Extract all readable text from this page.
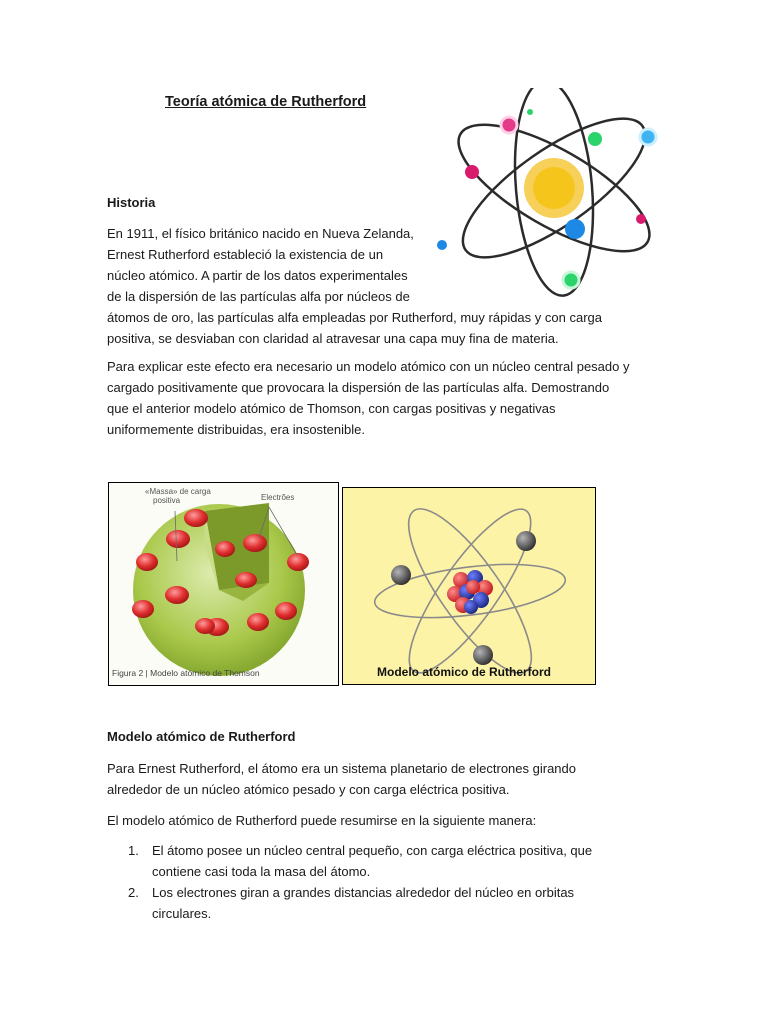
Teoría atómica de Rutherford
Historia
En 1911, el físico británico nacido en Nueva Zelanda,
Ernest Rutherford estableció la existencia de un
núcleo atómico. A partir de los datos experimentales
de la dispersión de las partículas alfa por núcleos de
átomos de oro, las partículas alfa empleadas por Rutherford, muy rápidas y con carga
positiva, se desviaban con claridad al atravesar una capa muy fina de materia.
Para explicar este efecto era necesario un modelo atómico con un núcleo central pesado y
cargado positivamente que provocara la dispersión de las partículas alfa. Demostrando
que el anterior modelo atómico de Thomson, con cargas positivas y negativas
uniformemente distribuidas, era insostenible.
«Massa» de carga
positiva	Electrões
Figura 2 | Modelo atómico de Thomson	Modelo atómico de Rutherford
Modelo atómico de Rutherford
Para Ernest Rutherford, el átomo era un sistema planetario de electrones girando
alrededor de un núcleo atómico pesado y con carga eléctrica positiva.
El modelo atómico de Rutherford puede resumirse en la siguiente manera:
1. El átomo posee un núcleo central pequeño, con carga eléctrica positiva, que
contiene casi toda la masa del átomo.
2. Los electrones giran a grandes distancias alrededor del núcleo en orbitas
circulares.
